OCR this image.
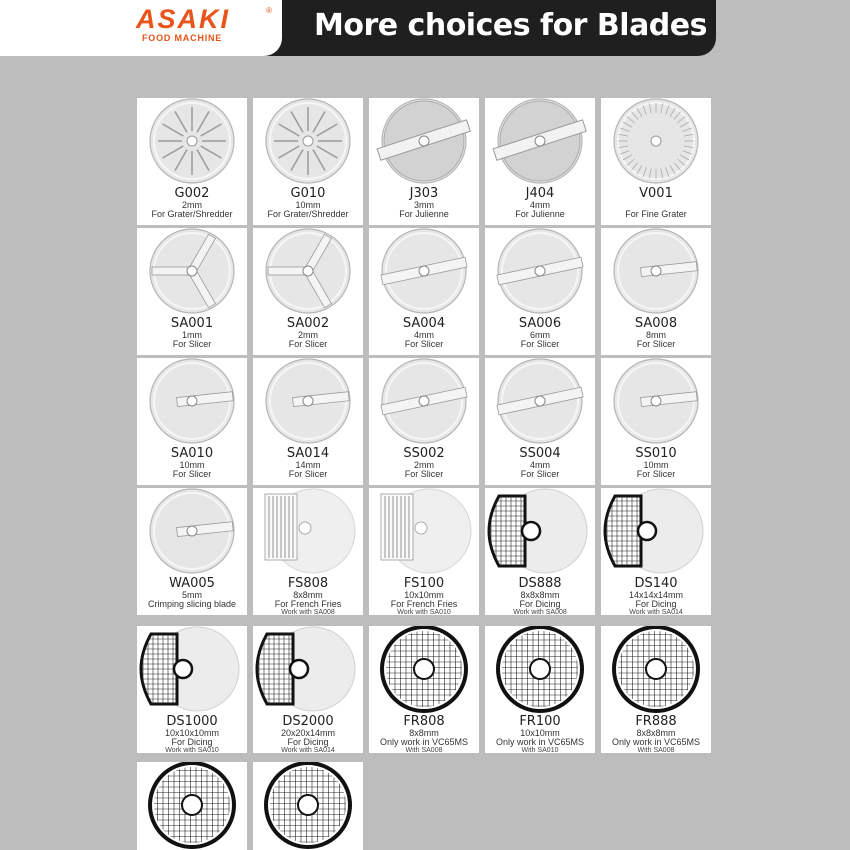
ASAKI	®
FOOD MACHINE	More choices for Blades
G002
2mm
For Grater/Shredder
G010
10mm
For Grater/Shredder
J303
3mm
For Julienne
J404
4mm
For Julienne
V001
For Fine Grater
SA001
1mm
For Slicer
SA002
2mm
For Slicer
SA004
4mm
For Slicer
SA006
6mm
For Slicer
SA008
8mm
For Slicer
SA010
10mm
For Slicer
SA014
14mm
For Slicer
SS002
2mm
For Slicer
SS004
4mm
For Slicer
SS010
10mm
For Slicer
WA005
5mm
Crimping slicing blade
FS808
8x8mm
For French Fries
Work with SA008
FS100
10x10mm
For French Fries
Work with SA010
DS888
8x8x8mm
For Dicing
Work with SA008
DS140
14x14x14mm
For Dicing
Work with SA014
DS1000
10x10x10mm
For Dicing
Work with SA010
DS2000
20x20x14mm
For Dicing
Work with SA014
FR808
8x8mm
Only work in VC65MS
With SA008
FR100
10x10mm
Only work in VC65MS
With SA010
FR888
8x8x8mm
Only work in VC65MS
With SA008
